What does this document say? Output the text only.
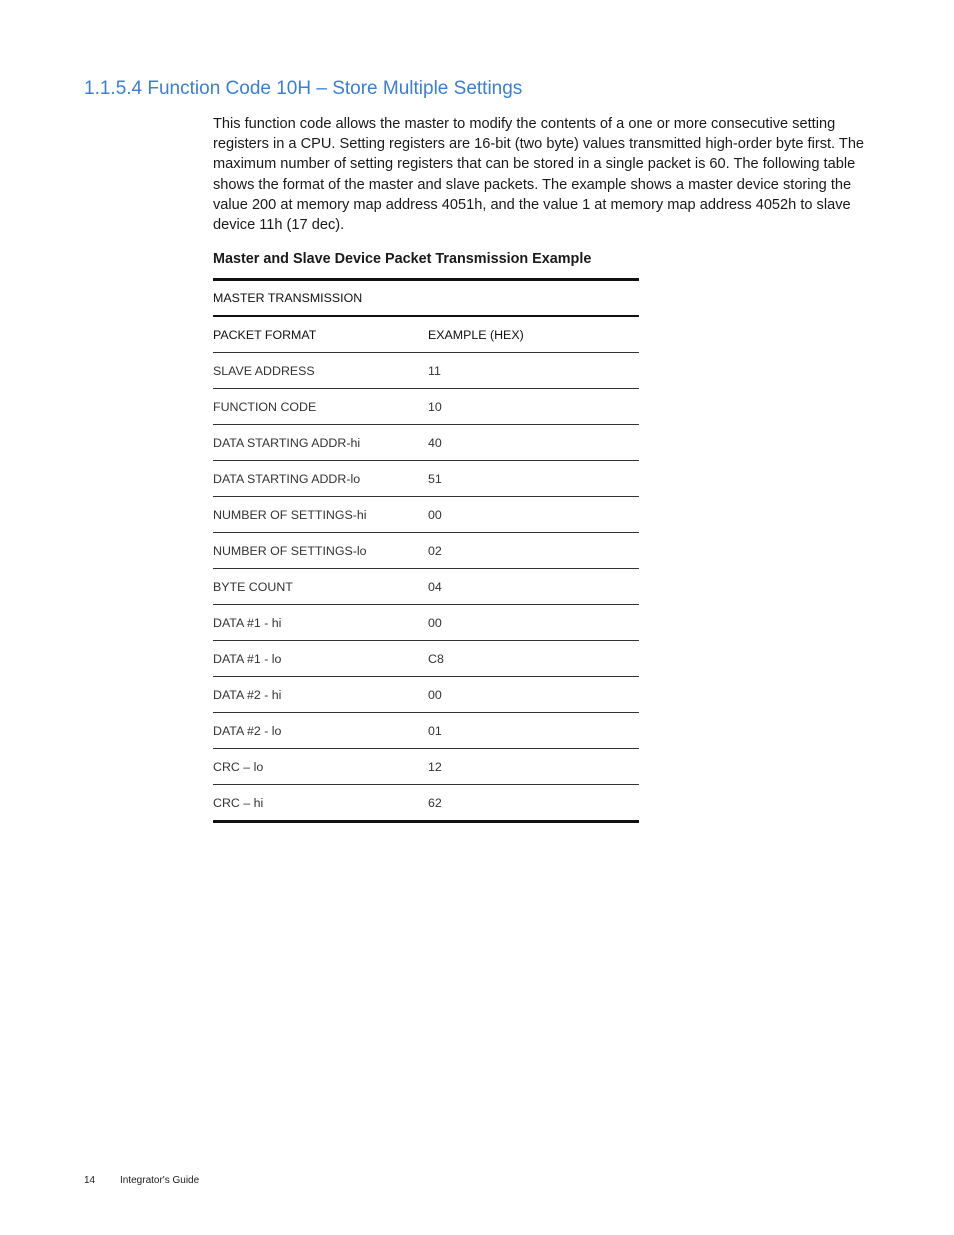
1.1.5.4 Function Code 10H – Store Multiple Settings

This function code allows the master to modify the contents of a one or more consecutive setting registers in a CPU. Setting registers are 16-bit (two byte) values transmitted high-order byte first. The maximum number of setting registers that can be stored in a single packet is 60. The following table shows the format of the master and slave packets. The example shows a master device storing the value 200 at memory map address 4051h, and the value 1 at memory map address 4052h to slave device 11h (17 dec).

Master and Slave Device Packet Transmission Example
MASTER TRANSMISSION	
PACKET FORMAT	EXAMPLE (HEX)
SLAVE ADDRESS	11
FUNCTION CODE	10
DATA STARTING ADDR-hi	40
DATA STARTING ADDR-lo	51
NUMBER OF SETTINGS-hi	00
NUMBER OF SETTINGS-lo	02
BYTE COUNT	04
DATA #1 - hi	00
DATA #1 - lo	C8
DATA #2 - hi	00
DATA #2 - lo	01
CRC – lo	12
CRC – hi	62
14 Integrator's Guide
